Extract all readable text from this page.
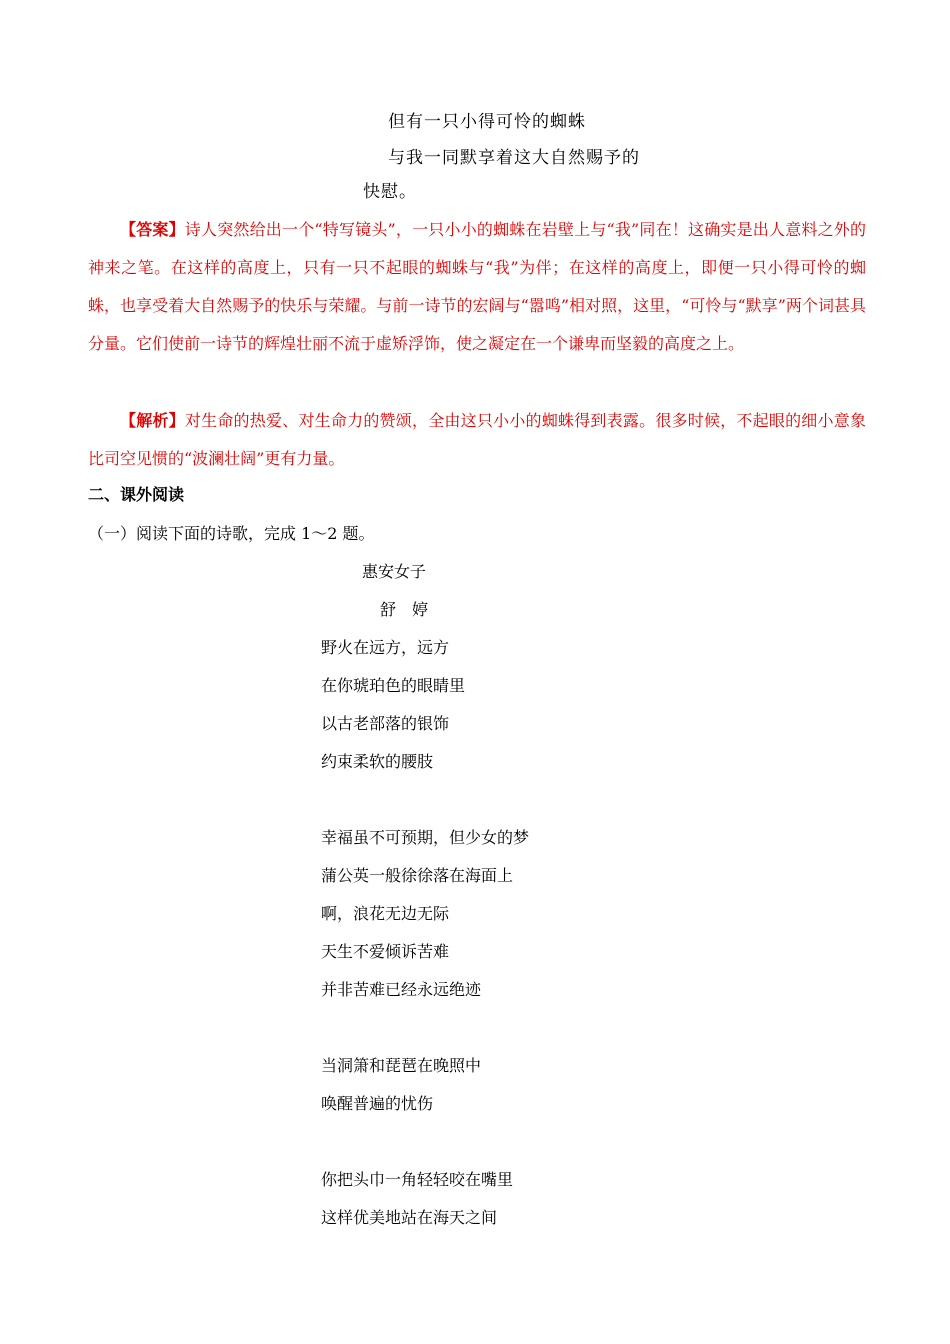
但有一只小得可怜的蜘蛛
与我一同默享着这大自然赐予的
快慰。
【答案】诗人突然给出一个“特写镜头”，一只小小的蜘蛛在岩壁上与“我”同在！这确实是出人意料之外的神来之笔。在这样的高度上，只有一只不起眼的蜘蛛与“我”为伴；在这样的高度上，即便一只小得可怜的蜘蛛，也享受着大自然赐予的快乐与荣耀。与前一诗节的宏阔与“嚣鸣”相对照，这里，“可怜与“默享”两个词甚具分量。它们使前一诗节的辉煌壮丽不流于虚矫浮饰，使之凝定在一个谦卑而坚毅的高度之上。
【解析】对生命的热爱、对生命力的赞颂，全由这只小小的蜘蛛得到表露。很多时候，不起眼的细小意象比司空见惯的“波澜壮阔”更有力量。
二、课外阅读
（一）阅读下面的诗歌，完成 1～2 题。
惠安女子
舒　婷
野火在远方，远方
在你琥珀色的眼睛里
以古老部落的银饰
约束柔软的腰肢
幸福虽不可预期，但少女的梦
蒲公英一般徐徐落在海面上
啊，浪花无边无际
天生不爱倾诉苦难
并非苦难已经永远绝迹
当洞箫和琵琶在晚照中
唤醒普遍的忧伤
你把头巾一角轻轻咬在嘴里
这样优美地站在海天之间
